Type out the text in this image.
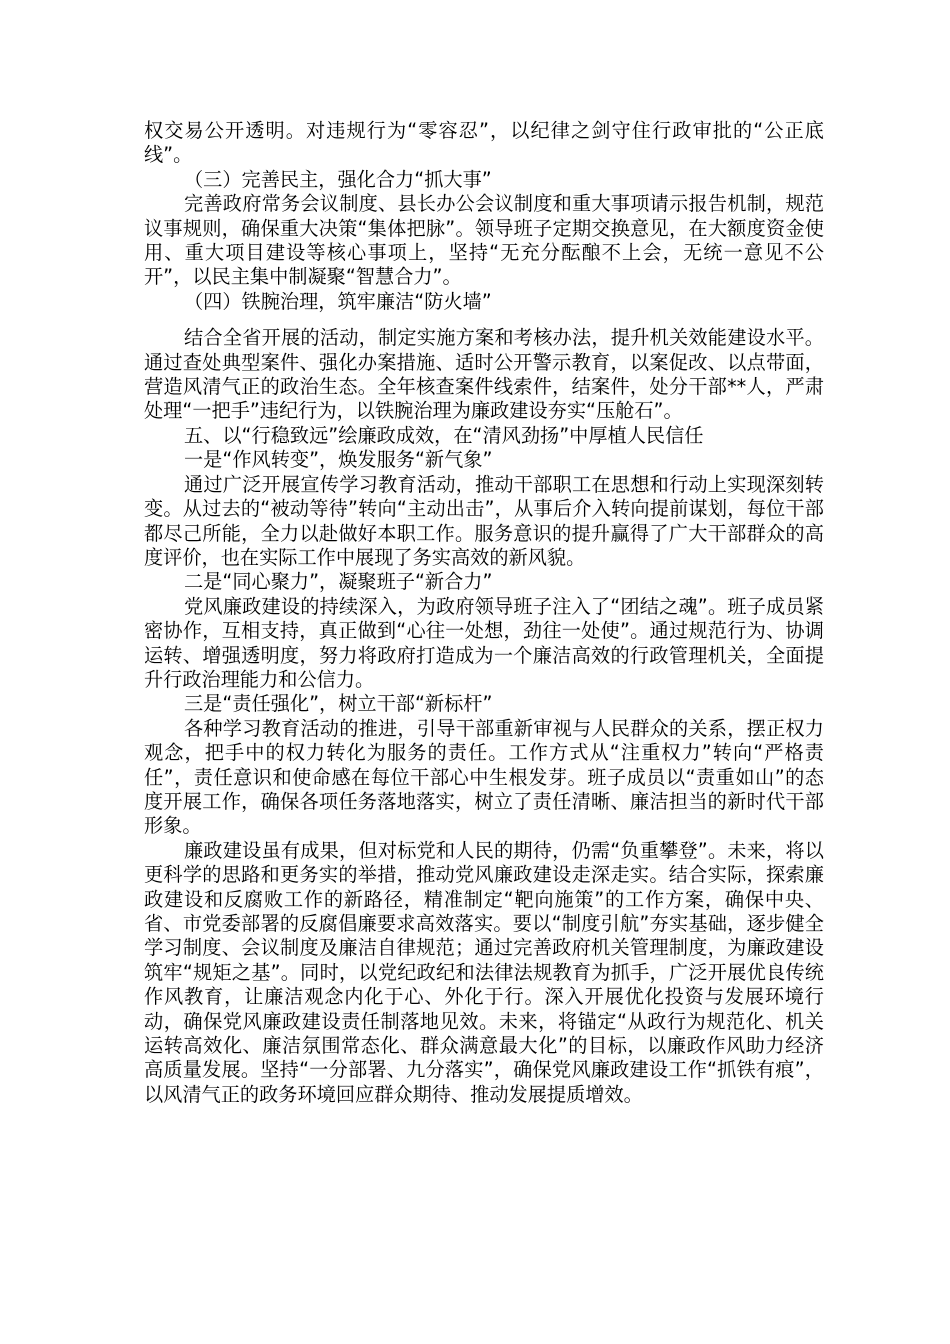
权交易公开透明。对违规行为“零容忍”，以纪律之剑守住行政审批的“公正底线”。

（三）完善民主，强化合力“抓大事”

完善政府常务会议制度、县长办公会议制度和重大事项请示报告机制，规范议事规则，确保重大决策“集体把脉”。领导班子定期交换意见，在大额度资金使用、重大项目建设等核心事项上，坚持“无充分酝酿不上会，无统一意见不公开”，以民主集中制凝聚“智慧合力”。

（四）铁腕治理，筑牢廉洁“防火墙”

结合全省开展的活动，制定实施方案和考核办法，提升机关效能建设水平。通过查处典型案件、强化办案措施、适时公开警示教育，以案促改、以点带面，营造风清气正的政治生态。全年核查案件线索件，结案件，处分干部**人，严肃处理“一把手”违纪行为，以铁腕治理为廉政建设夯实“压舱石”。

五、以“行稳致远”绘廉政成效，在“清风劲扬”中厚植人民信任

一是“作风转变”，焕发服务“新气象”

通过广泛开展宣传学习教育活动，推动干部职工在思想和行动上实现深刻转变。从过去的“被动等待”转向“主动出击”，从事后介入转向提前谋划，每位干部都尽己所能，全力以赴做好本职工作。服务意识的提升赢得了广大干部群众的高度评价，也在实际工作中展现了务实高效的新风貌。

二是“同心聚力”，凝聚班子“新合力”

党风廉政建设的持续深入，为政府领导班子注入了“团结之魂”。班子成员紧密协作，互相支持，真正做到“心往一处想，劲往一处使”。通过规范行为、协调运转、增强透明度，努力将政府打造成为一个廉洁高效的行政管理机关，全面提升行政治理能力和公信力。

三是“责任强化”，树立干部“新标杆”

各种学习教育活动的推进，引导干部重新审视与人民群众的关系，摆正权力观念，把手中的权力转化为服务的责任。工作方式从“注重权力”转向“严格责任”，责任意识和使命感在每位干部心中生根发芽。班子成员以“责重如山”的态度开展工作，确保各项任务落地落实，树立了责任清晰、廉洁担当的新时代干部形象。

廉政建设虽有成果，但对标党和人民的期待，仍需“负重攀登”。未来，将以更科学的思路和更务实的举措，推动党风廉政建设走深走实。结合实际，探索廉政建设和反腐败工作的新路径，精准制定“靶向施策”的工作方案，确保中央、省、市党委部署的反腐倡廉要求高效落实。要以“制度引航”夯实基础，逐步健全学习制度、会议制度及廉洁自律规范；通过完善政府机关管理制度，为廉政建设筑牢“规矩之基”。同时，以党纪政纪和法律法规教育为抓手，广泛开展优良传统作风教育，让廉洁观念内化于心、外化于行。深入开展优化投资与发展环境行动，确保党风廉政建设责任制落地见效。未来，将锚定“从政行为规范化、机关运转高效化、廉洁氛围常态化、群众满意最大化”的目标，以廉政作风助力经济高质量发展。坚持“一分部署、九分落实”，确保党风廉政建设工作“抓铁有痕”，以风清气正的政务环境回应群众期待、推动发展提质增效。
